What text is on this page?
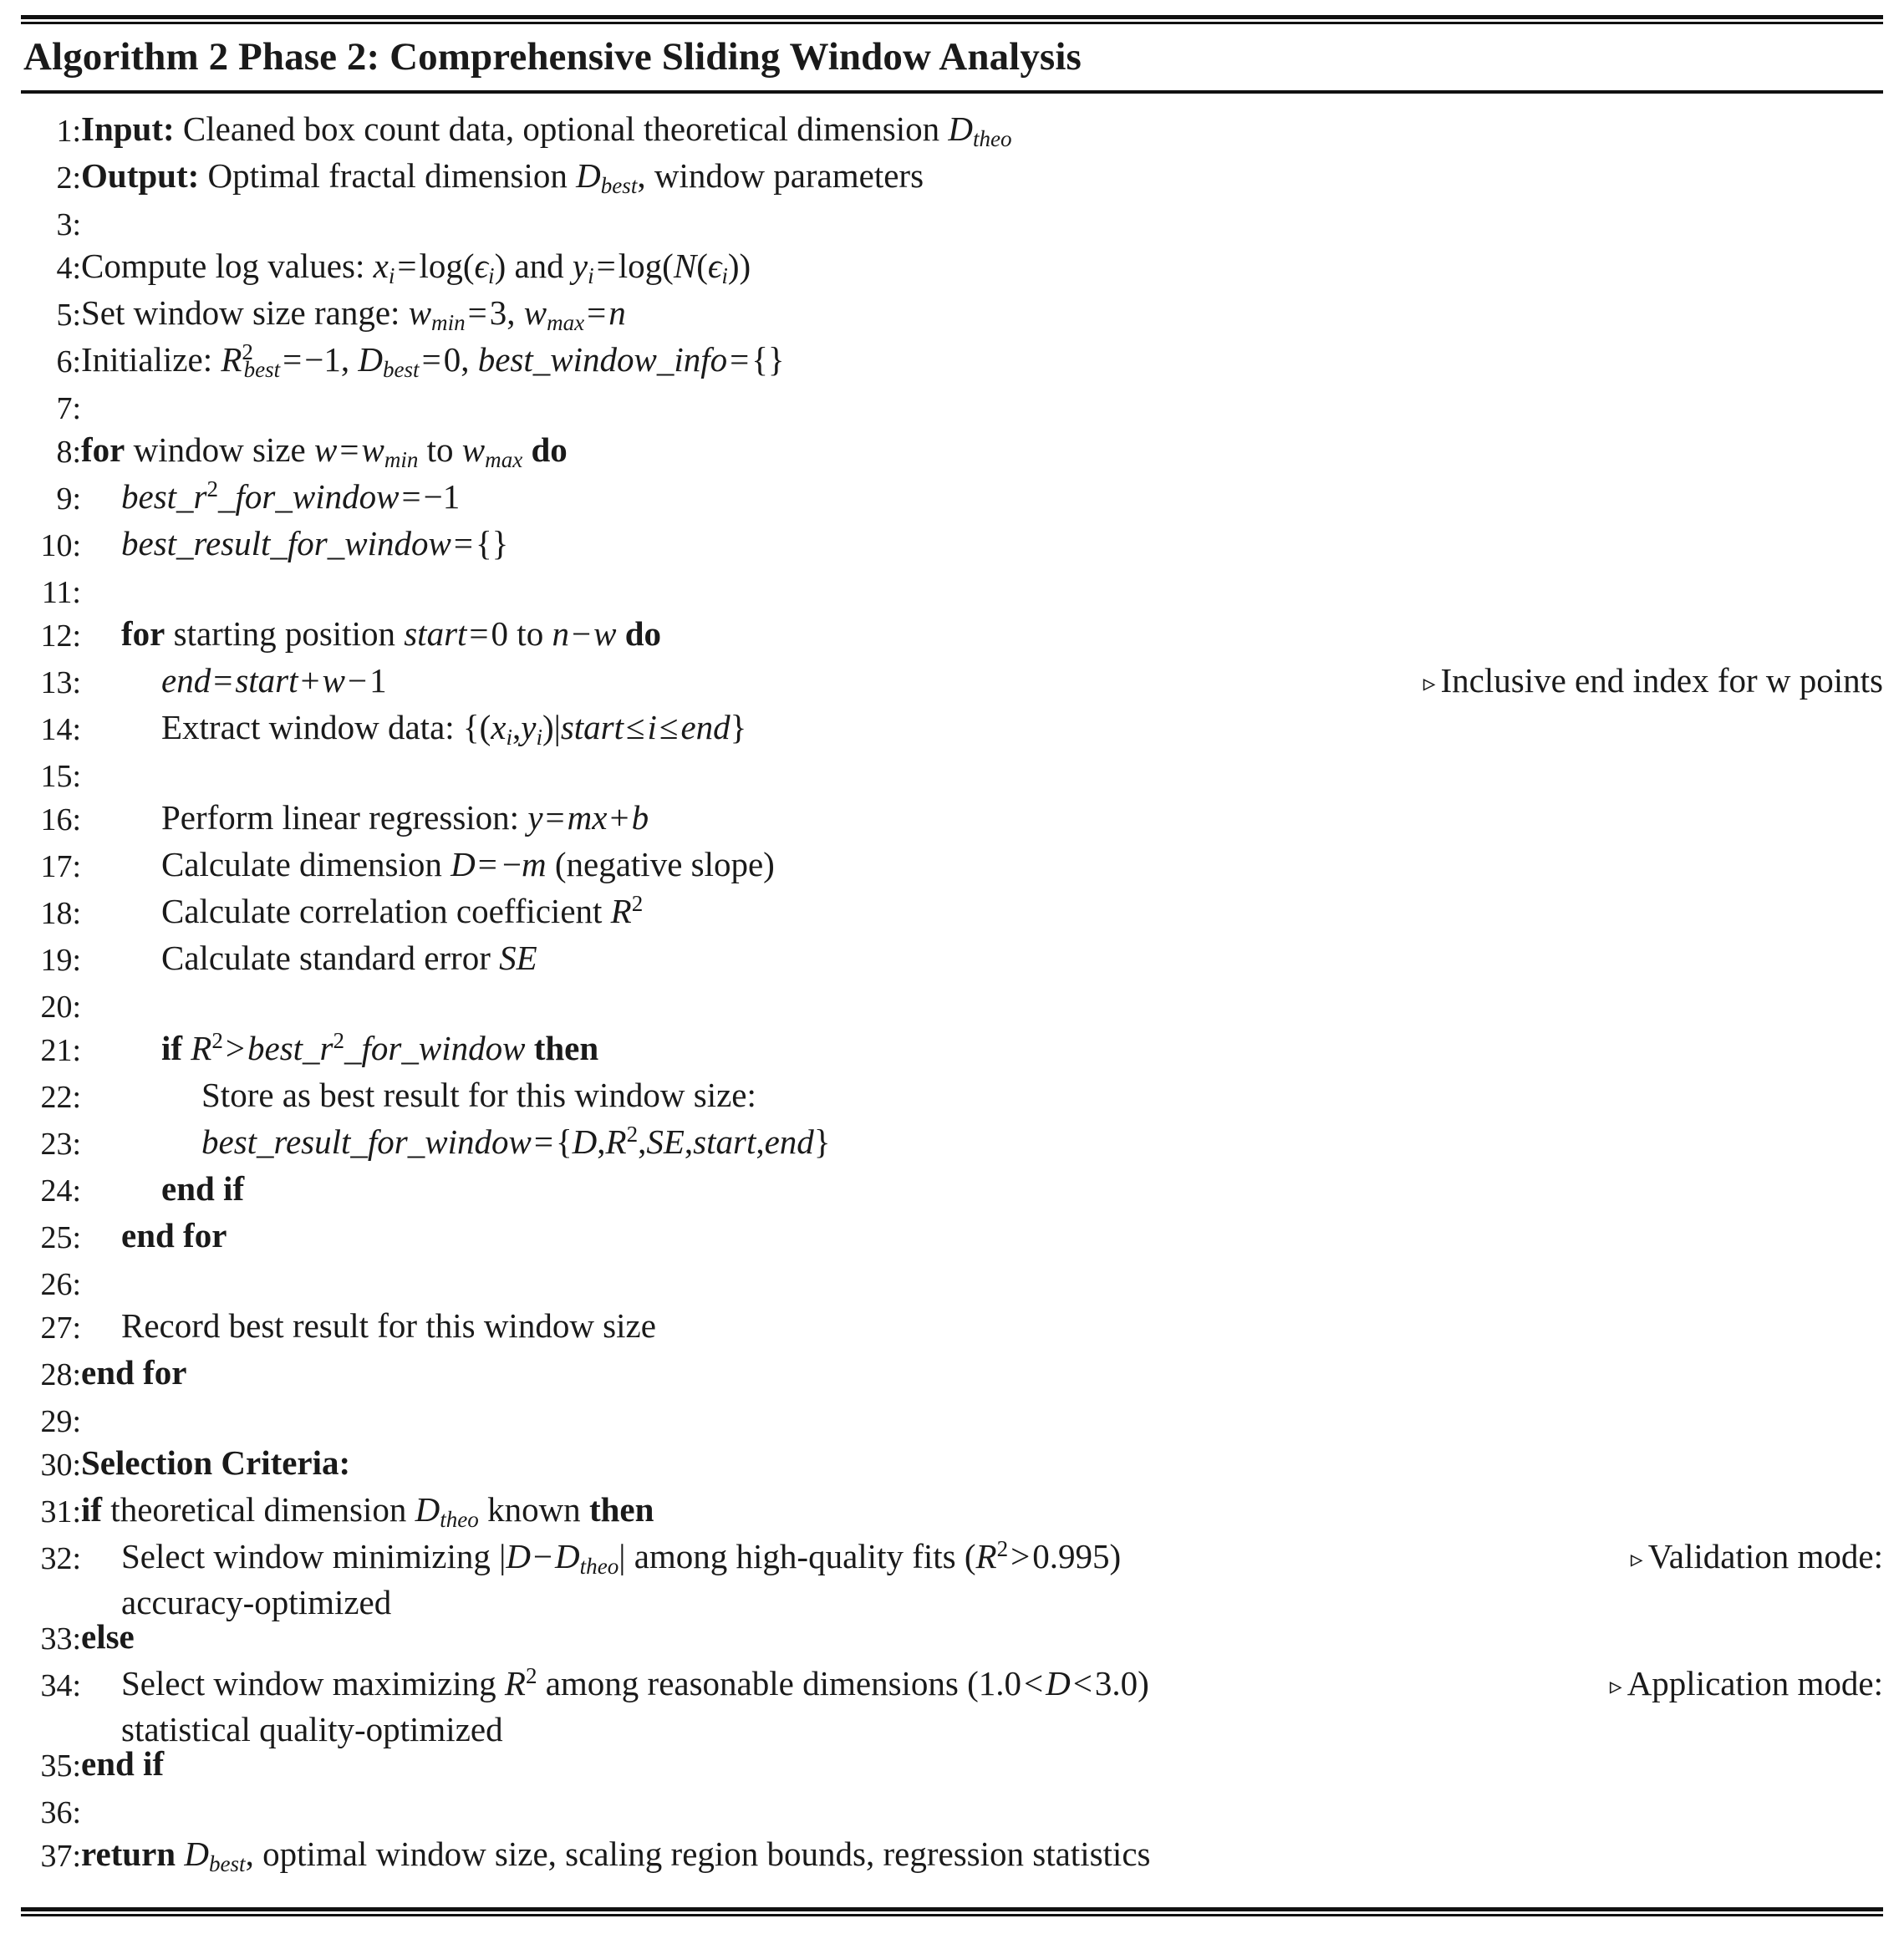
Algorithm 2 Phase 2: Comprehensive Sliding Window Analysis
1: Input: Cleaned box count data, optional theoretical dimension $D_{theo}$
2: Output: Optimal fractal dimension $D_{best}$, window parameters
3:
4: Compute log values: $x_i=\log(\epsilon_i)$ and $y_i=\log(N(\epsilon_i))$
5: Set window size range: $w_{min}=3$, $w_{max}=n$
6: Initialize: $R^2_{best}=-1$, $D_{best}=0$, best_window_info={}
7:
8: for window size $w=w_{min}$ to $w_{max}$ do
9:	$best\_r^2\_for\_window=-1$
10:	best_result_for_window={}
11:
12:	for starting position start=0 to n−w do
13:	end=start+w−1	▹ Inclusive end index for w points
14:	Extract window data: $\{(x_i,y_i)|start\le i\le end\}$
15:
16:	Perform linear regression: y=mx+b
17:	Calculate dimension D= −m (negative slope)
18:	Calculate correlation coefficient $R^2$
19:	Calculate standard error SE
20:
21:	if $R^2>best\_r^2\_for\_window$ then
22:	Store as best result for this window size:
23:	$best\_result\_for\_window=\{D,R^2,SE,start,end\}$
24:	end if
25:	end for
26:
27:	Record best result for this window size
28: end for
29:
30: Selection Criteria:
31: if theoretical dimension $D_{theo}$ known then
32:	▹ Validation mode:
Select window minimizing $|D-D_{theo}|$ among high-quality fits $(R^2>0.995)$
accuracy-optimized
33: else
34:	▹ Application mode:
Select window maximizing $R^2$ among reasonable dimensions (1.0<D<3.0)
statistical quality-optimized
35: end if
36:
37: return $D_{best}$, optimal window size, scaling region bounds, regression statistics
